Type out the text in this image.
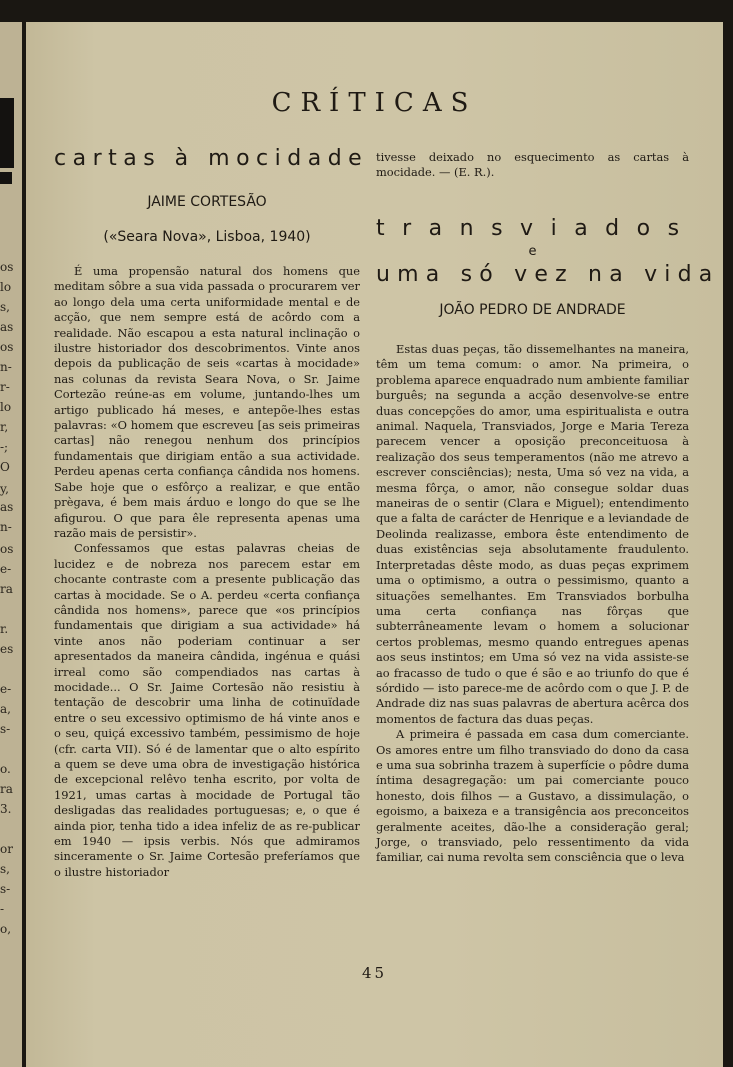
os
lo
s,
as
os
n-
r-
lo
r,
-;
O
y,
as
n-
os
e-
ra
r.
es
e-
a,
s-
o.
ra
3.
or
s,
s-
-
o,
CRÍTICAS
cartas à mocidade
JAIME CORTESÃO
(«Seara Nova», Lisboa, 1940)

É uma propensão natural dos homens que meditam sôbre a sua vida passada o procurarem ver ao longo dela uma certa uniformidade mental e de acção, que nem sempre está de acôrdo com a realidade. Não escapou a esta natural inclinação o ilustre historiador dos descobrimentos. Vinte anos depois da publicação de seis «cartas à mocidade» nas colunas da revista Seara Nova, o Sr. Jaime Cortezão reúne-as em volume, juntando-lhes um artigo publicado há meses, e antepõe-lhes estas palavras: «O homem que escreveu [as seis primeiras cartas] não renegou nenhum dos princípios fundamentais que dirigiam então a sua actividade. Perdeu apenas certa confiança cândida nos homens. Sabe hoje que o esfôrço a realizar, e que então prègava, é bem mais árduo e longo do que se lhe afigurou. O que para êle representa apenas uma razão mais de persistir».

Confessamos que estas palavras cheias de lucidez e de nobreza nos parecem estar em chocante contraste com a presente publicação das cartas à mocidade. Se o A. perdeu «certa confiança cândida nos homens», parece que «os princípios fundamentais que dirigiam a sua actividade» há vinte anos não poderiam continuar a ser apresentados da maneira cândida, ingénua e quási irreal como são compendiados nas cartas à mocidade... O Sr. Jaime Cortesão não resistiu à tentação de descobrir uma linha de cotinuïdade entre o seu excessivo optimismo de há vinte anos e o seu, quiçá excessivo também, pessimismo de hoje (cfr. carta VII). Só é de lamentar que o alto espírito a quem se deve uma obra de investigação histórica de excepcional relêvo tenha escrito, por volta de 1921, umas cartas à mocidade de Portugal tão desligadas das realidades portuguesas; e, o que é ainda pior, tenha tido a idea infeliz de as re-publicar em 1940 — ipsis verbis. Nós que admiramos sinceramente o Sr. Jaime Cortesão preferíamos que o ilustre historiador

tivesse deixado no esquecimento as cartas à mocidade. — (E. R.).

transviados
e
uma só vez na vida
JOÃO PEDRO DE ANDRADE

Estas duas peças, tão dissemelhantes na maneira, têm um tema comum: o amor. Na primeira, o problema aparece enquadrado num ambiente familiar burguês; na segunda a acção desenvolve-se entre duas concepções do amor, uma espiritualista e outra animal. Naquela, Transviados, Jorge e Maria Tereza parecem vencer a oposição preconceituosa à realização dos seus temperamentos (não me atrevo a escrever consciências); nesta, Uma só vez na vida, a mesma fôrça, o amor, não consegue soldar duas maneiras de o sentir (Clara e Miguel); entendimento que a falta de carácter de Henrique e a leviandade de Deolinda realizasse, embora êste entendimento de duas existências seja absolutamente fraudulento. Interpretadas dêste modo, as duas peças exprimem uma o optimismo, a outra o pessimismo, quanto a situações semelhantes. Em Transviados borbulha uma certa confiança nas fôrças que subterrâneamente levam o homem a solucionar certos problemas, mesmo quando entregues apenas aos seus instintos; em Uma só vez na vida assiste-se ao fracasso de tudo o que é são e ao triunfo do que é sórdido — isto parece-me de acôrdo com o que J. P. de Andrade diz nas suas palavras de abertura acêrca dos momentos de factura das duas peças.

A primeira é passada em casa dum comerciante. Os amores entre um filho transviado do dono da casa e uma sua sobrinha trazem à superfície o pôdre duma íntima desagregação: um pai comerciante pouco honesto, dois filhos — a Gustavo, a dissimulação, o egoismo, a baixeza e a transigência aos preconceitos geralmente aceites, dão-lhe a consideração geral; Jorge, o transviado, pelo ressentimento da vida familiar, cai numa revolta sem consciência que o leva

45
